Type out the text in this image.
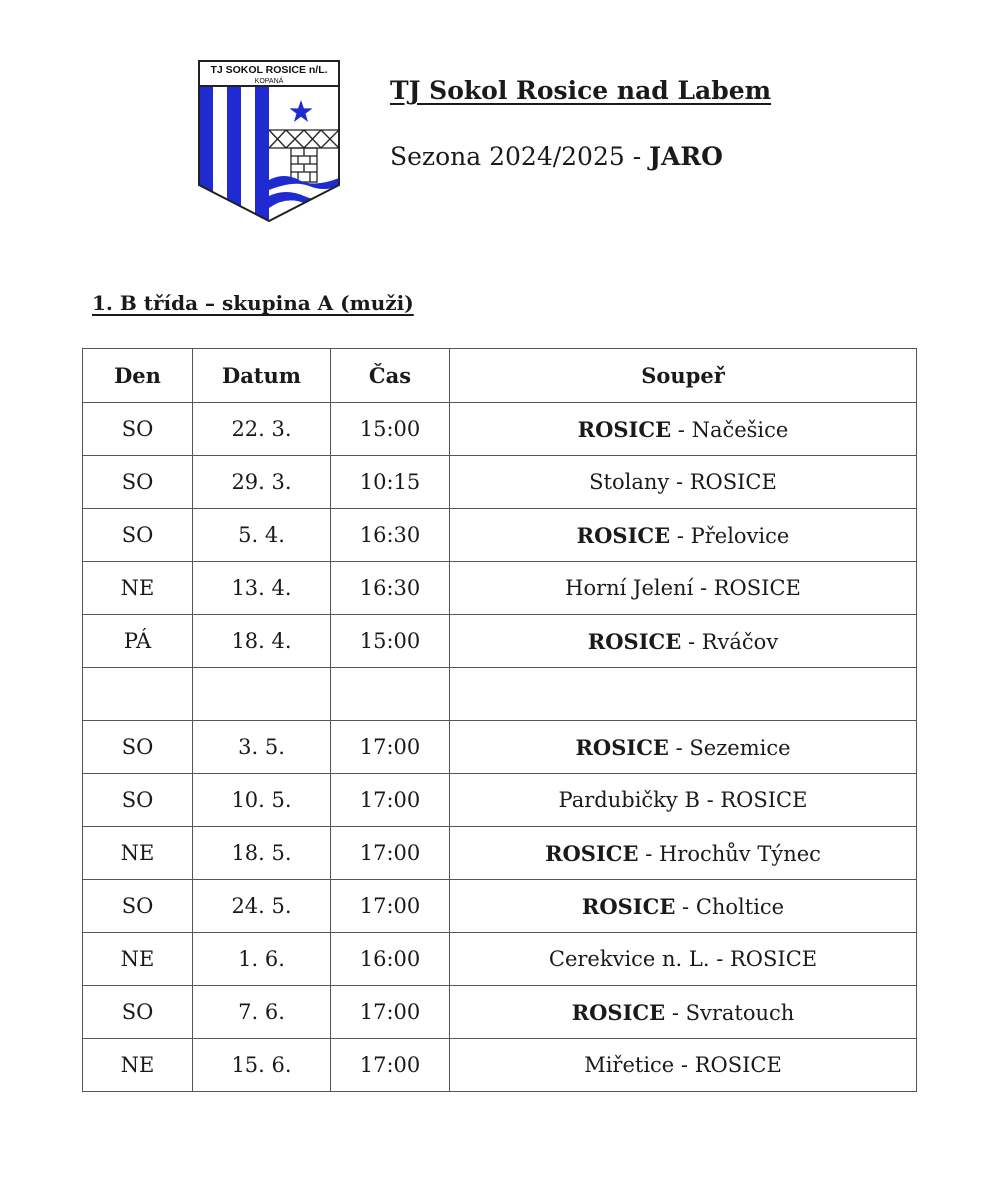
TJ SOKOL ROSICE n/L.
KOPANÁ	TJ Sokol Rosice nad Labem

Sezona 2024/2025 - JARO

1. B třída – skupina A (muži)
Den	Datum	Čas	Soupeř
SO	22. 3.	15:00	ROSICE - Načešice
SO	29. 3.	10:15	Stolany - ROSICE
SO	5. 4.	16:30	ROSICE - Přelovice
NE	13. 4.	16:30	Horní Jelení - ROSICE
PÁ	18. 4.	15:00	ROSICE - Rváčov

SO	3. 5.	17:00	ROSICE - Sezemice
SO	10. 5.	17:00	Pardubičky B - ROSICE
NE	18. 5.	17:00	ROSICE - Hrochův Týnec
SO	24. 5.	17:00	ROSICE - Choltice
NE	1. 6.	16:00	Cerekvice n. L. - ROSICE
SO	7. 6.	17:00	ROSICE - Svratouch
NE	15. 6.	17:00	Miřetice - ROSICE
